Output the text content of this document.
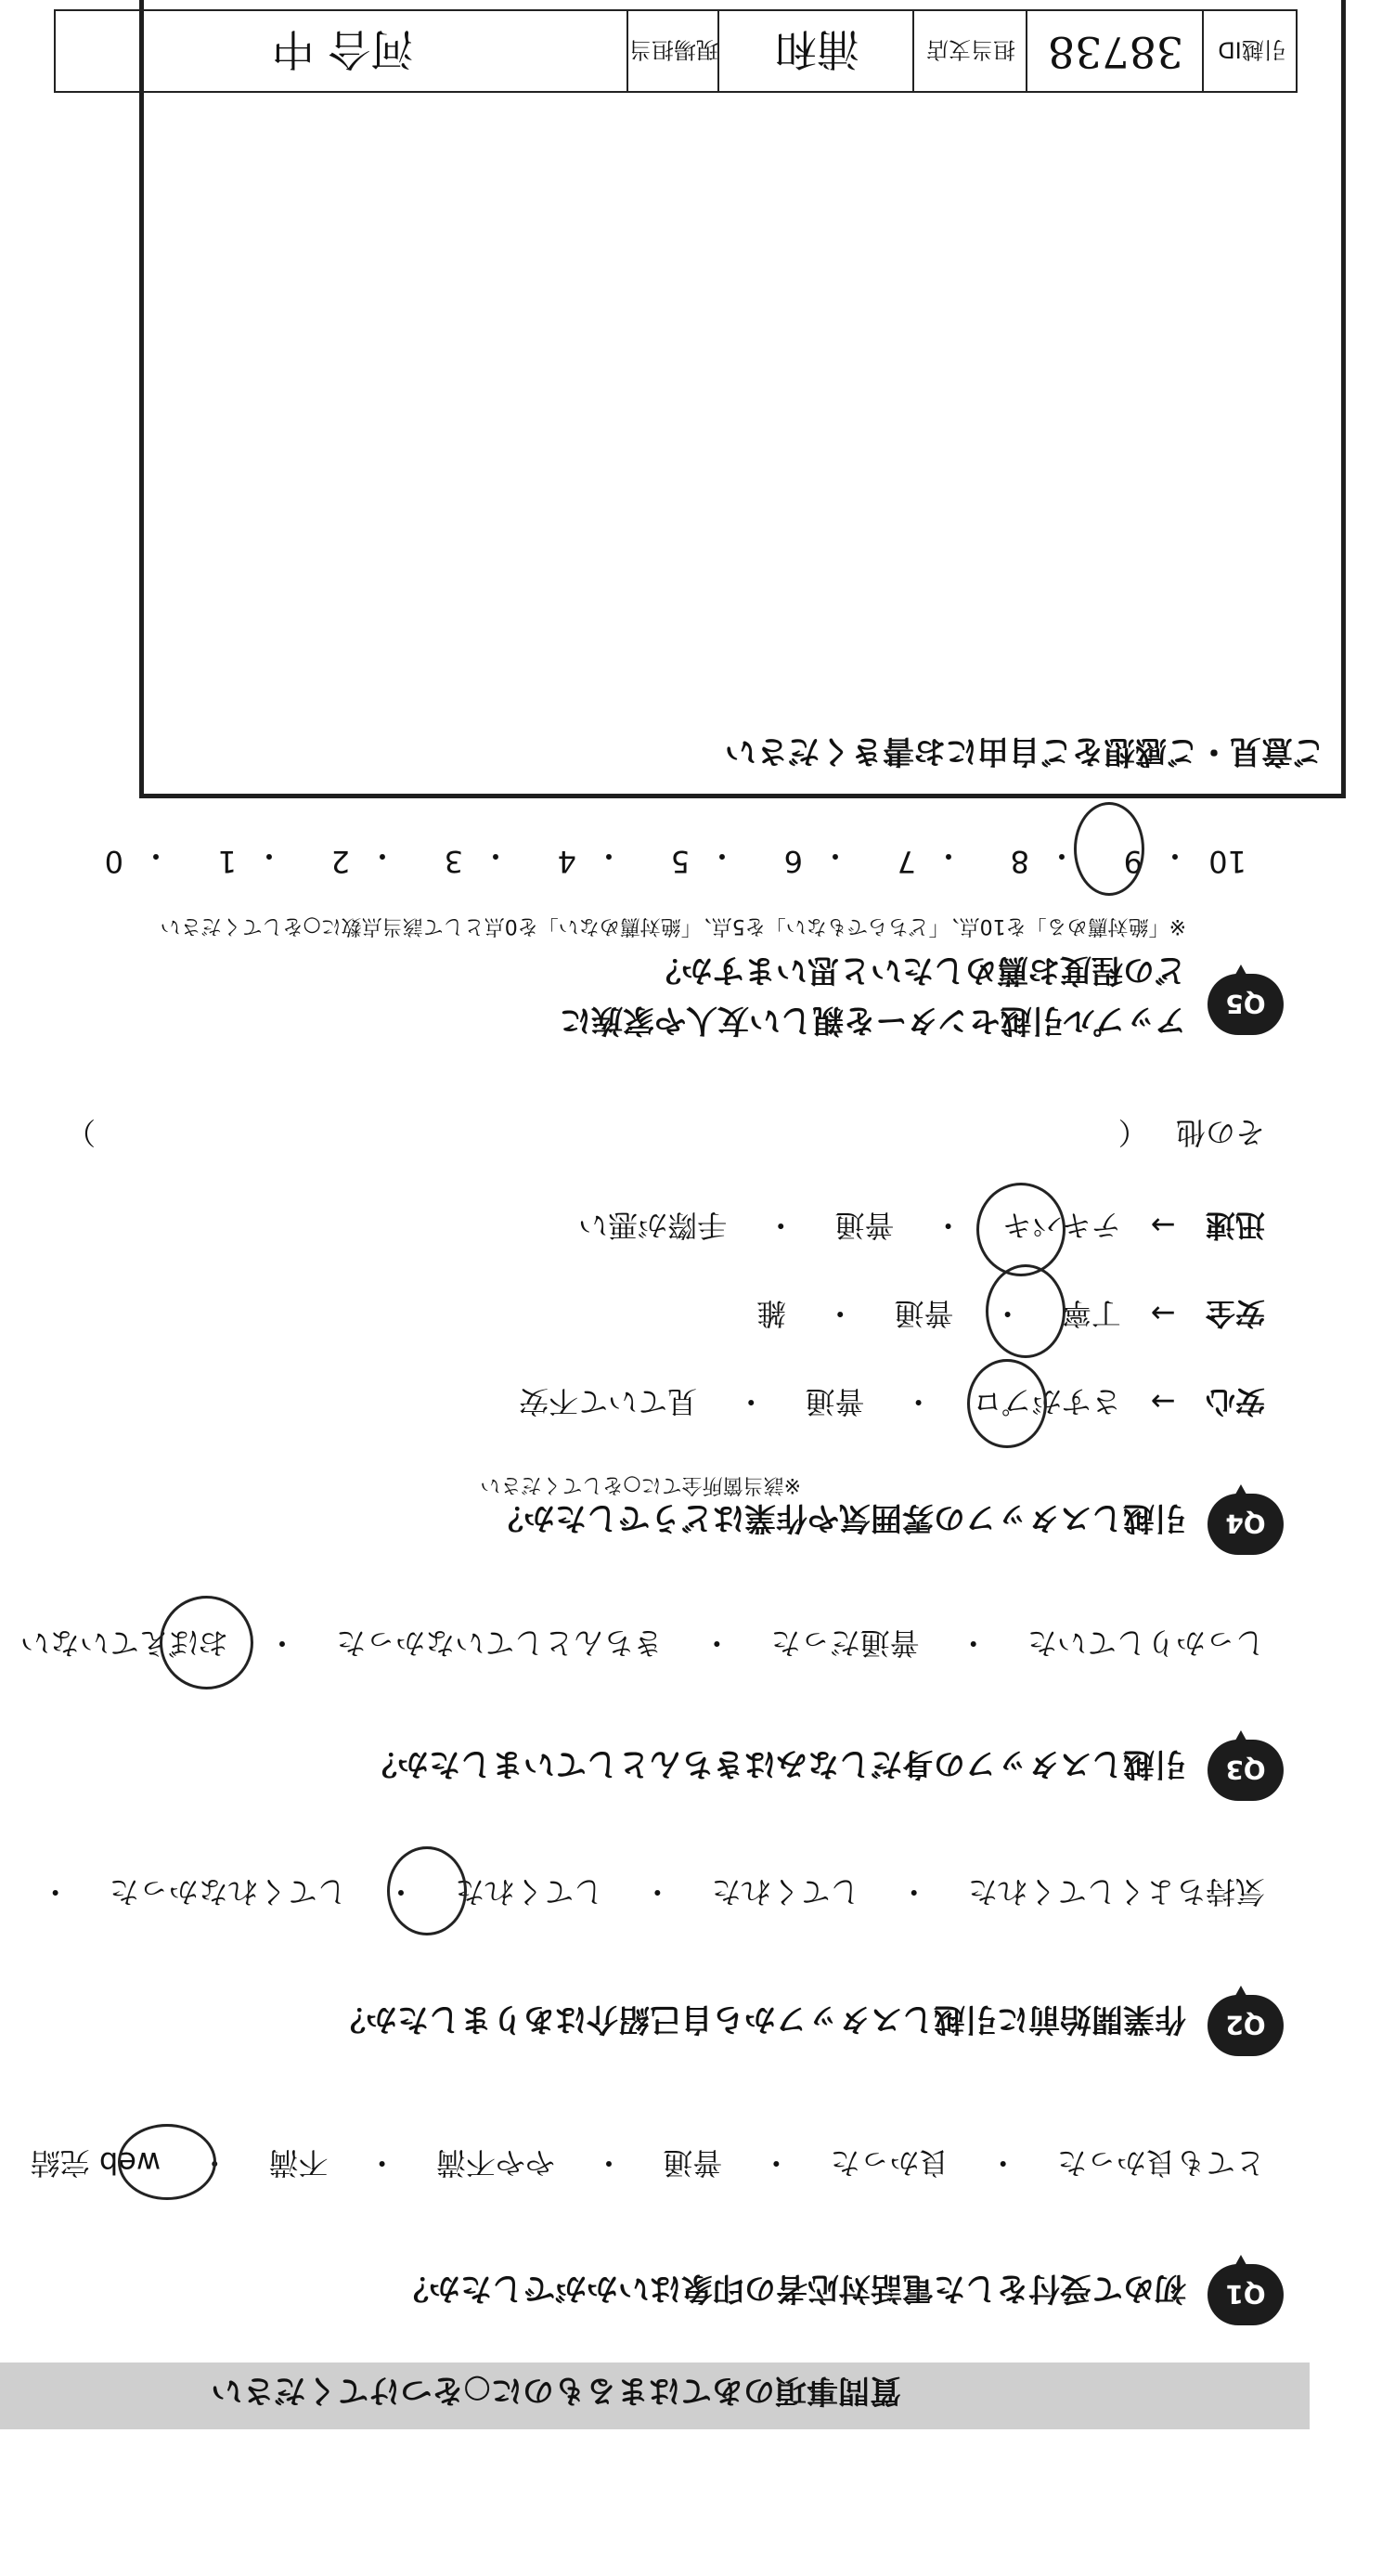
質問事項のあてはまるものに○をつけてください
Q1
初めて受付をした電話対応者の印象はいかがでしたか？
とても良かった 　・　 良かった 　・　 普通 　・　 やや不満 　・　 不満 　・　 web 完結
Q2
作業開始前に引越しスタッフから自己紹介はありましたか？
気持ちよくしてくれた 　・　 してくれた 　・　 してくれた 　・　 してくれなかった 　・　
Q3
引越しスタッフの身だしなみはきちんとしていましたか？
しっかりしていた 　・　 普通だった 　・　 きちんとしていなかった 　・　 おぼえていない
Q4
引越しスタッフの雰囲気や作業はどうでしたか？
※該当箇所全てに○をしてください
安心 → さすがプロ 　・　 普通 　・　 見ていて不安
安全 → 丁寧 　・　 普通 　・　 雑
迅速 → テキパキ 　・　 普通 　・　 手際が悪い
その他 （
）
Q5
アップル引越センターを親しい友人や家族に
どの程度お薦めしたいと思いますか？
※「絶対薦める」を10点、「どちらでもない」を5点、「絶対薦めない」を0点として該当点数に○をしてください
10
・
9
・
8
・
7
・
6
・
5
・
4
・
3
・
2
・
1
・
0
ご意見・ご感想をご自由にお書きください
河合 中	現場担当 浦和	担当支店 38738 引越ID
